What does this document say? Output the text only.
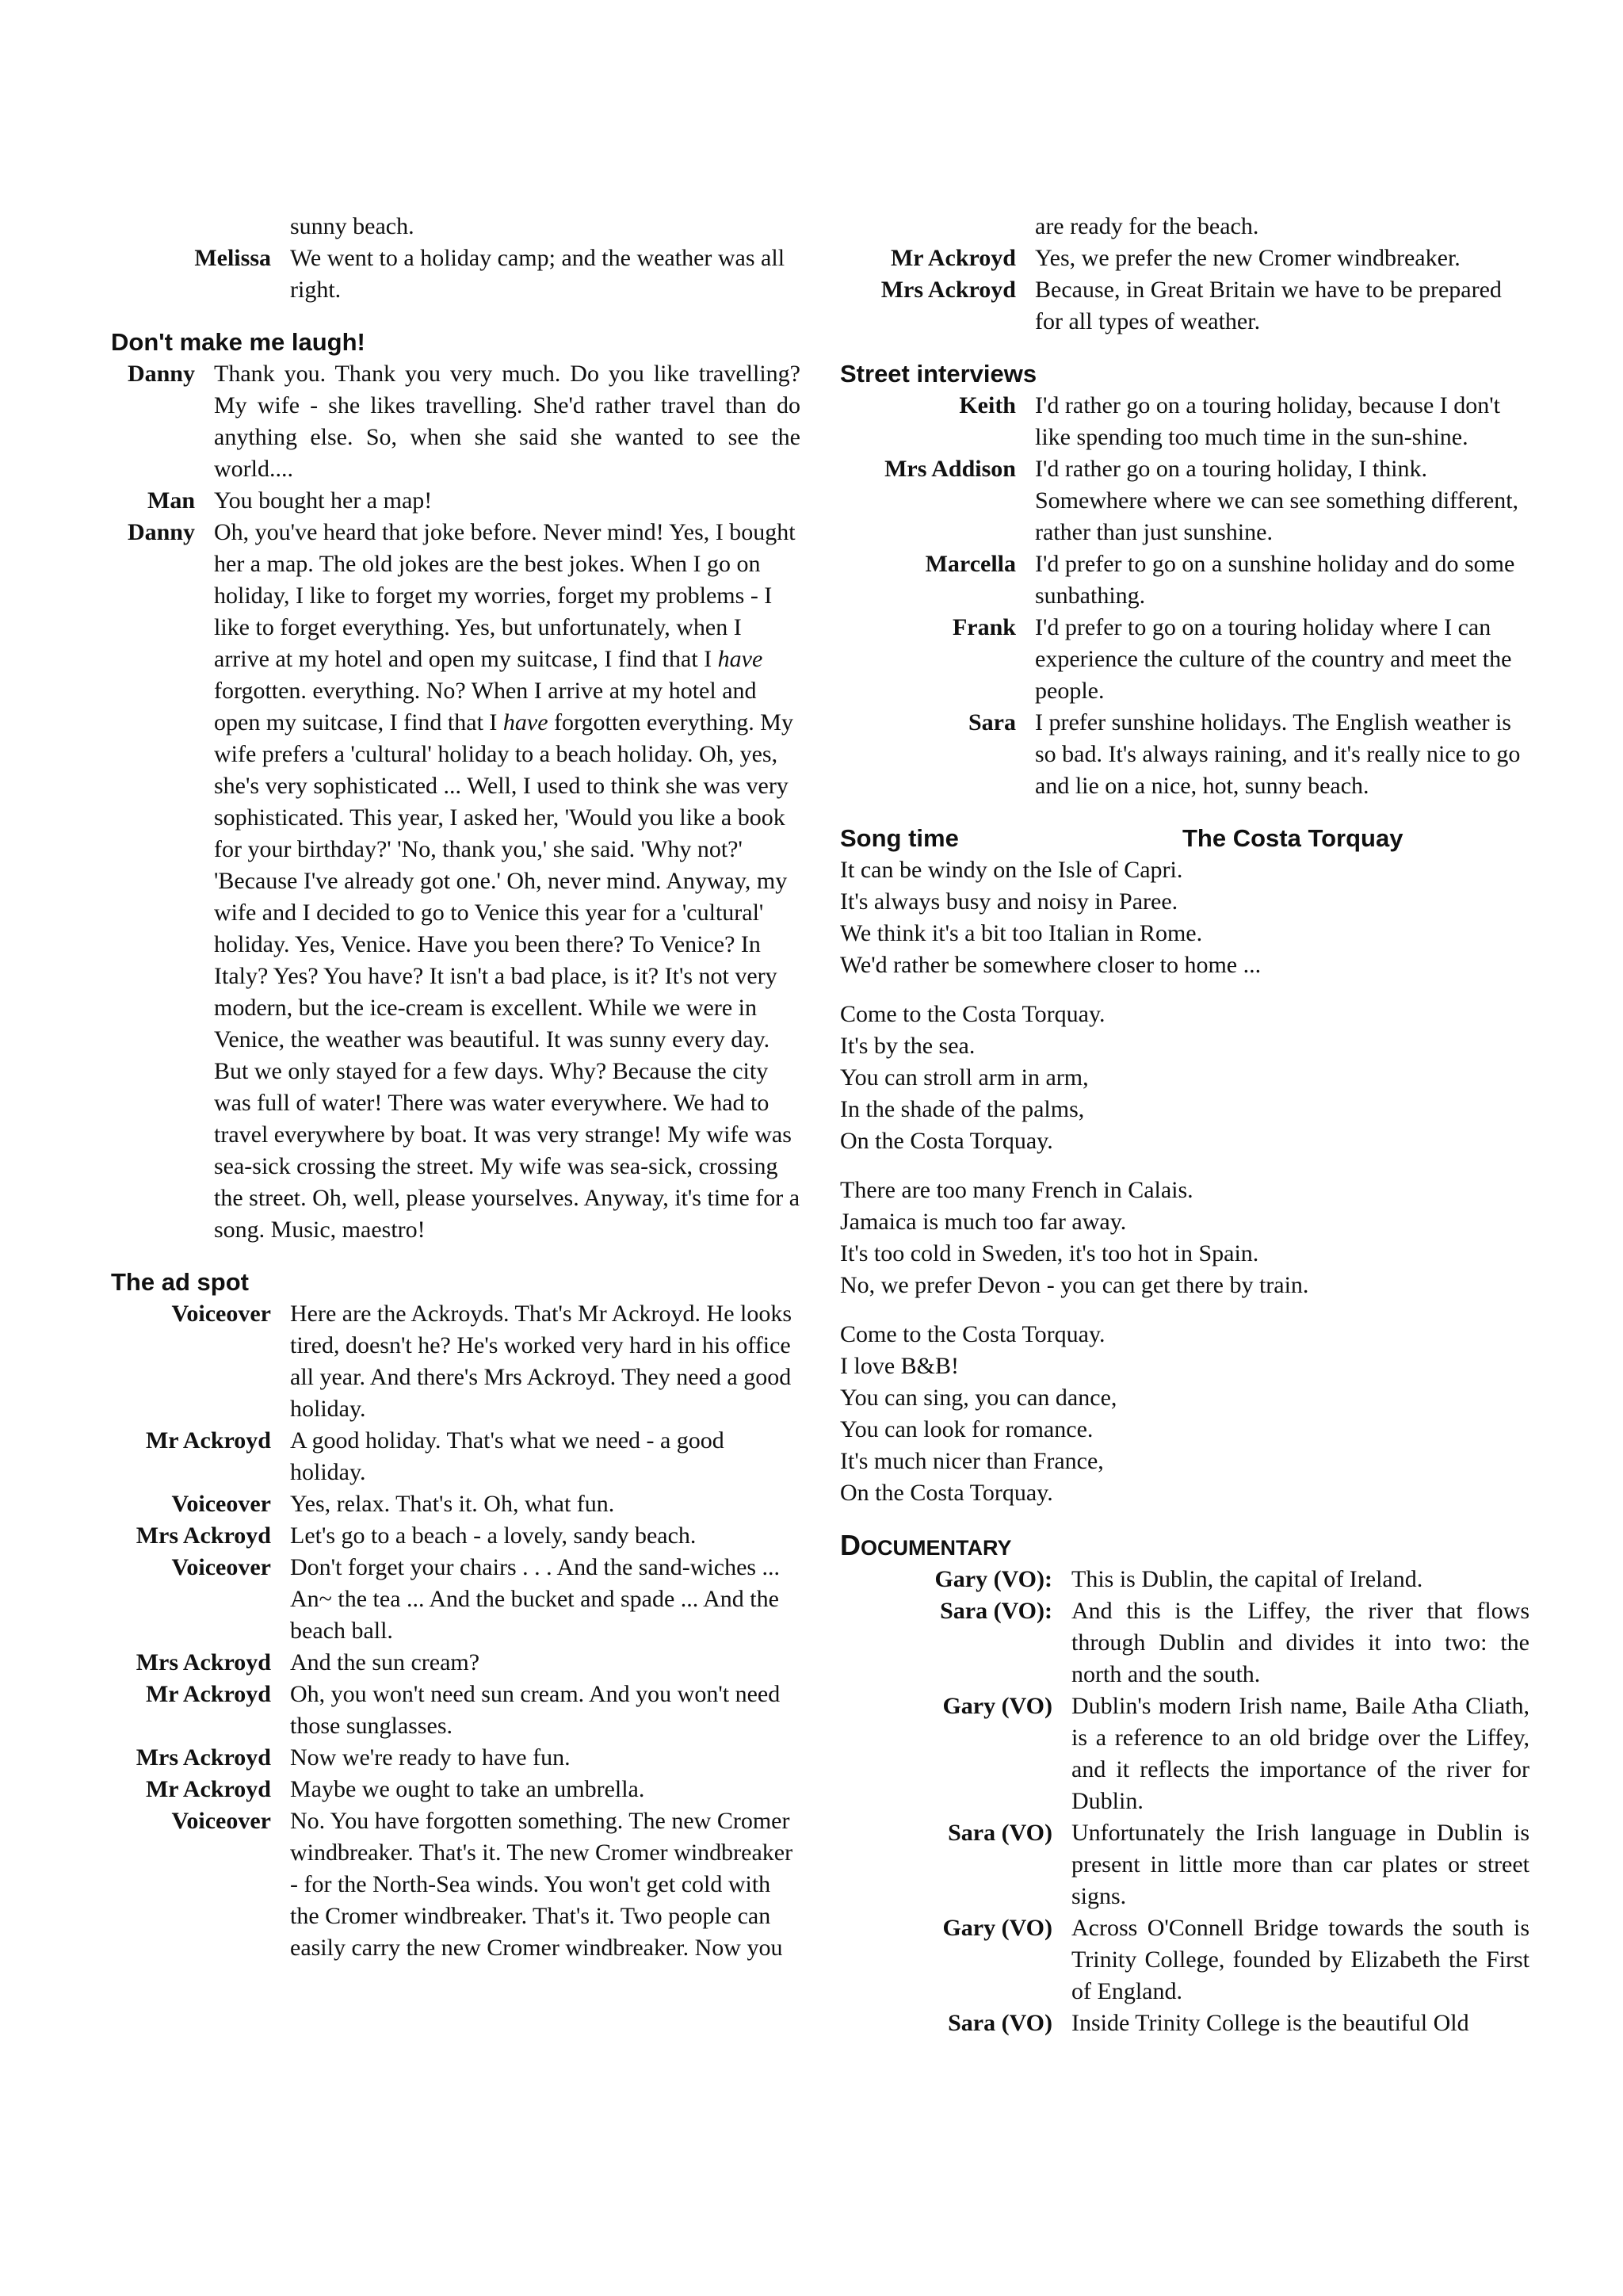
sunny beach.
Melissa We went to a holiday camp; and the weather was all right.
Don't make me laugh!
Danny Thank you. Thank you very much. Do you like travelling? My wife - she likes travelling. She'd rather travel than do anything else. So, when she said she wanted to see the world....
Man You bought her a map!
Danny Oh, you've heard that joke before. Never mind! Yes, I bought her a map. The old jokes are the best jokes. When I go on holiday, I like to forget my worries, forget my problems - I like to forget everything. Yes, but unfortunately, when I arrive at my hotel and open my suitcase, I find that I have forgotten. everything. No? When I arrive at my hotel and open my suitcase, I find that I have forgotten everything. My wife prefers a 'cultural' holiday to a beach holiday. Oh, yes, she's very sophisticated ... Well, I used to think she was very sophisticated. This year, I asked her, 'Would you like a book for your birthday?' 'No, thank you,' she said. 'Why not?' 'Because I've already got one.' Oh, never mind. Anyway, my wife and I decided to go to Venice this year for a 'cultural' holiday. Yes, Venice. Have you been there? To Venice? In Italy? Yes? You have? It isn't a bad place, is it? It's not very modern, but the ice-cream is excellent. While we were in Venice, the weather was beautiful. It was sunny every day. But we only stayed for a few days. Why? Because the city was full of water! There was water everywhere. We had to travel everywhere by boat. It was very strange! My wife was sea-sick crossing the street. My wife was sea-sick, crossing the street. Oh, well, please yourselves. Anyway, it's time for a song. Music, maestro!
The ad spot
Voiceover Here are the Ackroyds. That's Mr Ackroyd. He looks tired, doesn't he? He's worked very hard in his office all year. And there's Mrs Ackroyd. They need a good holiday.
Mr Ackroyd A good holiday. That's what we need - a good holiday.
Voiceover Yes, relax. That's it. Oh, what fun.
Mrs Ackroyd Let's go to a beach - a lovely, sandy beach.
Voiceover Don't forget your chairs . . . And the sand-wiches ... An~ the tea ... And the bucket and spade ... And the beach ball.
Mrs Ackroyd And the sun cream?
Mr Ackroyd Oh, you won't need sun cream. And you won't need those sunglasses.
Mrs Ackroyd Now we're ready to have fun.
Mr Ackroyd Maybe we ought to take an umbrella.
Voiceover No. You have forgotten something. The new Cromer windbreaker. That's it. The new Cromer windbreaker - for the North-Sea winds. You won't get cold with the Cromer windbreaker. That's it. Two people can easily carry the new Cromer windbreaker. Now you
are ready for the beach.
Mr Ackroyd Yes, we prefer the new Cromer windbreaker.
Mrs Ackroyd Because, in Great Britain we have to be prepared for all types of weather.
Street interviews
Keith I'd rather go on a touring holiday, because I don't like spending too much time in the sun-shine.
Mrs Addison I'd rather go on a touring holiday, I think. Somewhere where we can see something different, rather than just sunshine.
Marcella I'd prefer to go on a sunshine holiday and do some sunbathing.
Frank I'd prefer to go on a touring holiday where I can experience the culture of the country and meet the people.
Sara I prefer sunshine holidays. The English weather is so bad. It's always raining, and it's really nice to go and lie on a nice, hot, sunny beach.
Song time	The Costa Torquay
It can be windy on the Isle of Capri.
It's always busy and noisy in Paree.
We think it's a bit too Italian in Rome.
We'd rather be somewhere closer to home ...
Come to the Costa Torquay.
It's by the sea.
You can stroll arm in arm,
In the shade of the palms,
On the Costa Torquay.
There are too many French in Calais.
Jamaica is much too far away.
It's too cold in Sweden, it's too hot in Spain.
No, we prefer Devon - you can get there by train.
Come to the Costa Torquay.
I love B&B!
You can sing, you can dance,
You can look for romance.
It's much nicer than France,
On the Costa Torquay.
DOCUMENTARY
Gary (VO): This is Dublin, the capital of Ireland.
Sara (VO): And this is the Liffey, the river that flows through Dublin and divides it into two: the north and the south.
Gary (VO) Dublin's modern Irish name, Baile Atha Cliath, is a reference to an old bridge over the Liffey, and it reflects the importance of the river for Dublin.
Sara (VO) Unfortunately the Irish language in Dublin is present in little more than car plates or street signs.
Gary (VO) Across O'Connell Bridge towards the south is Trinity College, founded by Elizabeth the First of England.
Sara (VO) Inside Trinity College is the beautiful Old
